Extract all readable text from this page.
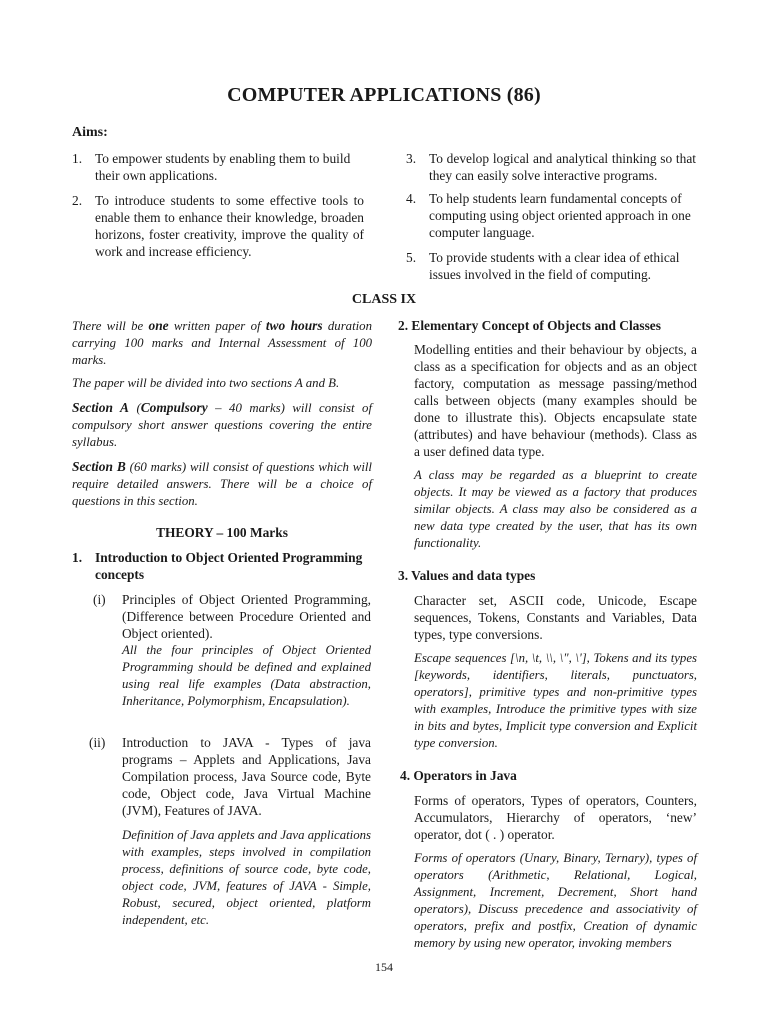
COMPUTER APPLICATIONS (86)
Aims:
1. To empower students by enabling them to build their own applications.
2. To introduce students to some effective tools to enable them to enhance their knowledge, broaden horizons, foster creativity, improve the quality of work and increase efficiency.
3. To develop logical and analytical thinking so that they can easily solve interactive programs.
4. To help students learn fundamental concepts of computing using object oriented approach in one computer language.
5. To provide students with a clear idea of ethical issues involved in the field of computing.
CLASS IX
There will be one written paper of two hours duration carrying 100 marks and Internal Assessment of 100 marks.
The paper will be divided into two sections A and B.
Section A (Compulsory – 40 marks) will consist of compulsory short answer questions covering the entire syllabus.
Section B (60 marks) will consist of questions which will require detailed answers. There will be a choice of questions in this section.
THEORY – 100 Marks
1. Introduction to Object Oriented Programming concepts
(i) Principles of Object Oriented Programming, (Difference between Procedure Oriented and Object oriented).
All the four principles of Object Oriented Programming should be defined and explained using real life examples (Data abstraction, Inheritance, Polymorphism, Encapsulation).
(ii) Introduction to JAVA - Types of java programs – Applets and Applications, Java Compilation process, Java Source code, Byte code, Object code, Java Virtual Machine (JVM), Features of JAVA.
Definition of Java applets and Java applications with examples, steps involved in compilation process, definitions of source code, byte code, object code, JVM, features of JAVA - Simple, Robust, secured, object oriented, platform independent, etc.
2. Elementary Concept of Objects and Classes
Modelling entities and their behaviour by objects, a class as a specification for objects and as an object factory, computation as message passing/method calls between objects (many examples should be done to illustrate this). Objects encapsulate state (attributes) and have behaviour (methods). Class as a user defined data type.
A class may be regarded as a blueprint to create objects. It may be viewed as a factory that produces similar objects. A class may also be considered as a new data type created by the user, that has its own functionality.
3. Values and data types
Character set, ASCII code, Unicode, Escape sequences, Tokens, Constants and Variables, Data types, type conversions.
Escape sequences [\n, \t, \\, \", \'], Tokens and its types [keywords, identifiers, literals, punctuators, operators], primitive types and non-primitive types with examples, Introduce the primitive types with size in bits and bytes, Implicit type conversion and Explicit type conversion.
4. Operators in Java
Forms of operators, Types of operators, Counters, Accumulators, Hierarchy of operators, ‘new’ operator, dot ( . ) operator.
Forms of operators (Unary, Binary, Ternary), types of operators (Arithmetic, Relational, Logical, Assignment, Increment, Decrement, Short hand operators), Discuss precedence and associativity of operators, prefix and postfix, Creation of dynamic memory by using new operator, invoking members
154
